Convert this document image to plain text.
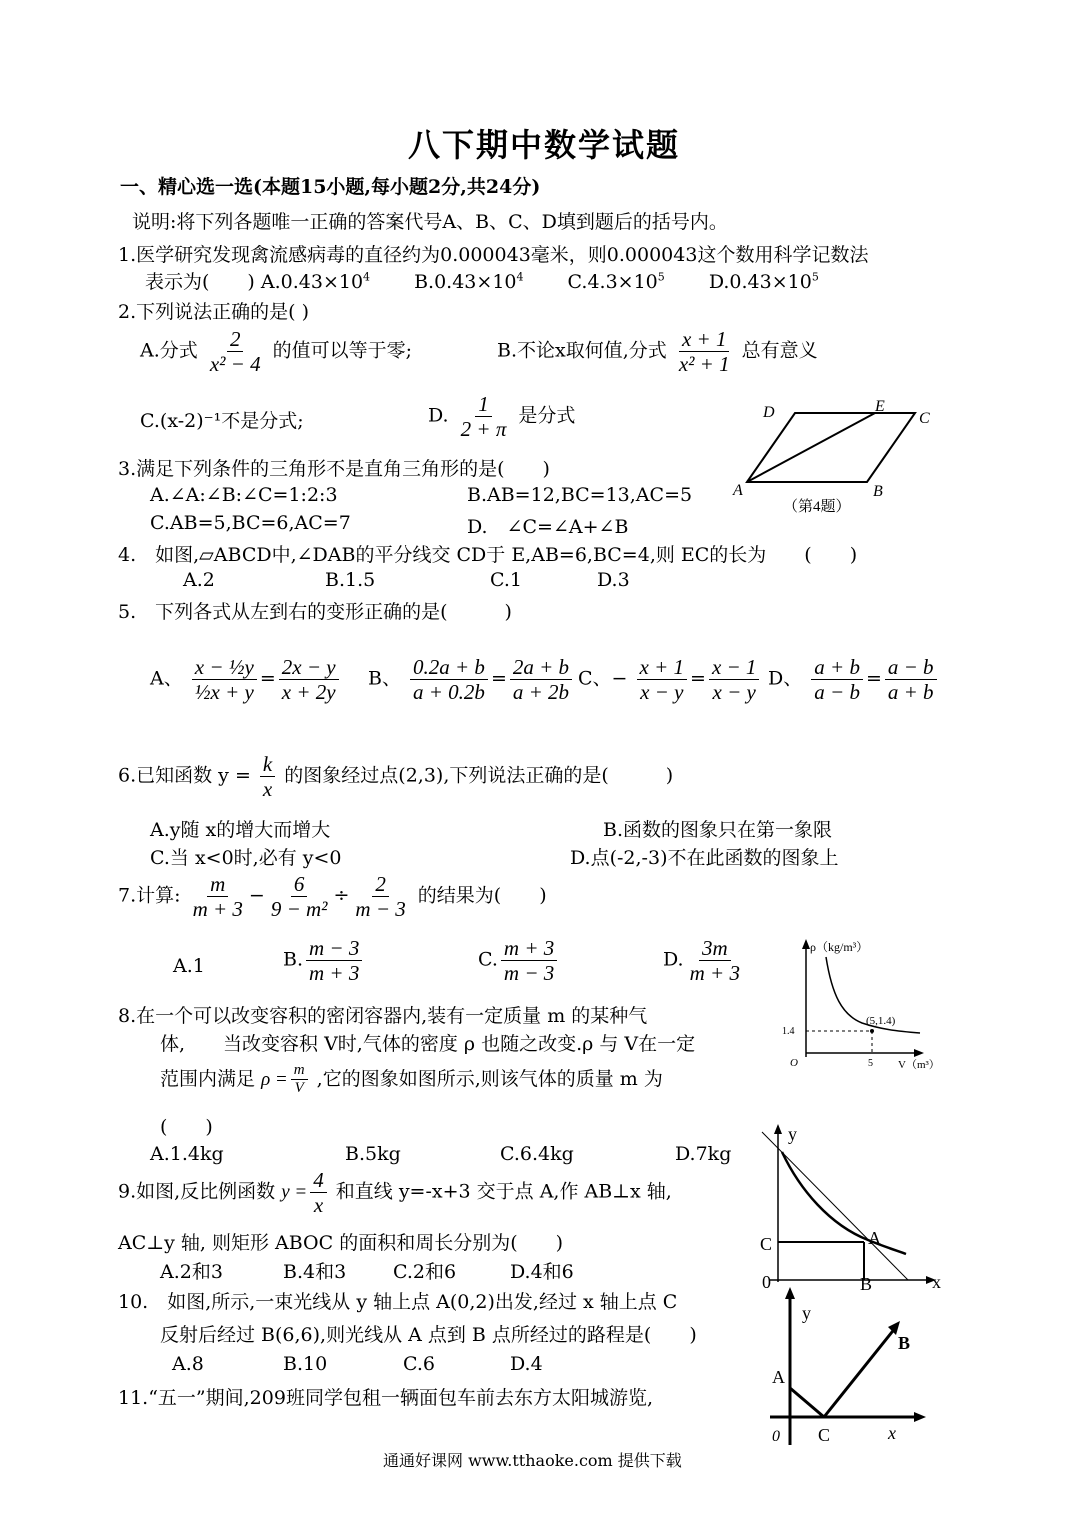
八下期中数学试题
一、精心选一选(本题15小题,每小题2分,共24分)
说明:将下列各题唯一正确的答案代号A、B、C、D填到题后的括号内。
1.医学研究发现禽流感病毒的直径约为0.000043毫米，则0.000043这个数用科学记数法
表示为(　　) $A.0.43\times 10^4$ $B.0.43\times 10^4$ $C.4.3\times 10^5$ $D.0.43\times 10^5$
2.下列说法正确的是( )
A.分式 $\frac{2}{\text{x² − 4}}$ 的值可以等于零;	B.不论x取何值,分式 $\frac{x + 1}{\text{x² + 1}}$ 总有意义
C.(x-2)⁻¹不是分式;	D. $\frac{1}{2 + \pi}$ 是分式	D	E
C
A	B
（第4题）
3.满足下列条件的三角形不是直角三角形的是(　　)
A.∠A:∠B:∠C=1:2:3	B.AB=12,BC=13,AC=5
C.AB=5,BC=6,AC=7	D.　∠C=∠A+∠B
4.　如图,▱ABCD中,∠DAB的平分线交 CD于 E,AB=6,BC=4,则 EC的长为　　(　　)
A.2	B.1.5	C.1	D.3
5.　下列各式从左到右的变形正确的是(　　　)
A、 $\frac{\text{x − ½y}}{\text{½x + y}} = \frac{2x - y}{x + 2y}$ B、 $\frac{0.2a + b}{a + 0.2b} = \frac{2a + b}{a + 2b}$ C、− $\frac{x + 1}{x - y} = \frac{x - 1}{x - y}$ D、 $\frac{a + b}{a - b} = \frac{a - b}{a + b}$
6.已知函数 $y = \frac{k}{x}$ 的图象经过点(2,3),下列说法正确的是(　　　)
A.y随 x的增大而增大	B.函数的图象只在第一象限
C.当 x<0时,必有 y<0	D.点(-2,-3)不在此函数的图象上
7.计算: $\frac{m}{m + 3} - \frac{6}{\text{9 − m²}} \div \frac{2}{m - 3}$ 的结果为(　　)
A.1	B. $\frac{m - 3}{m + 3}$	C. $\frac{m + 3}{m - 3}$	D. $\frac{3m}{m + 3}$	ρ（kg/m³）
(5,1.4)
1.4
5
O	V（m³）
8.在一个可以改变容积的密闭容器内,装有一定质量 m 的某种气
体,　　当改变容积 V时,气体的密度 ρ 也随之改变.ρ 与 V在一定
范围内满足 $\rho = \frac{m}{V}$ ,它的图象如图所示,则该气体的质量 m 为
(　　)
A.1.4kg	B.5kg	C.6.4kg	D.7kg
y
C	A
0	B	x
9.如图,反比例函数 $y = \frac{4}{x}$ 和直线 y=-x+3 交于点 A,作 AB⊥x 轴,
AC⊥y 轴, 则矩形 ABOC 的面积和周长分别为(　　)
A.2和3	B.4和3 C.2和6	D.4和6
y
B
A
0 C	x
10.　如图,所示,一束光线从 y 轴上点 A(0,2)出发,经过 x 轴上点 C
反射后经过 B(6,6),则光线从 A 点到 B 点所经过的路程是(　　)
A.8	B.10	C.6	D.4
11.“五一”期间,209班同学包租一辆面包车前去东方太阳城游览,
通通好课网 www.tthaoke.com 提供下载
